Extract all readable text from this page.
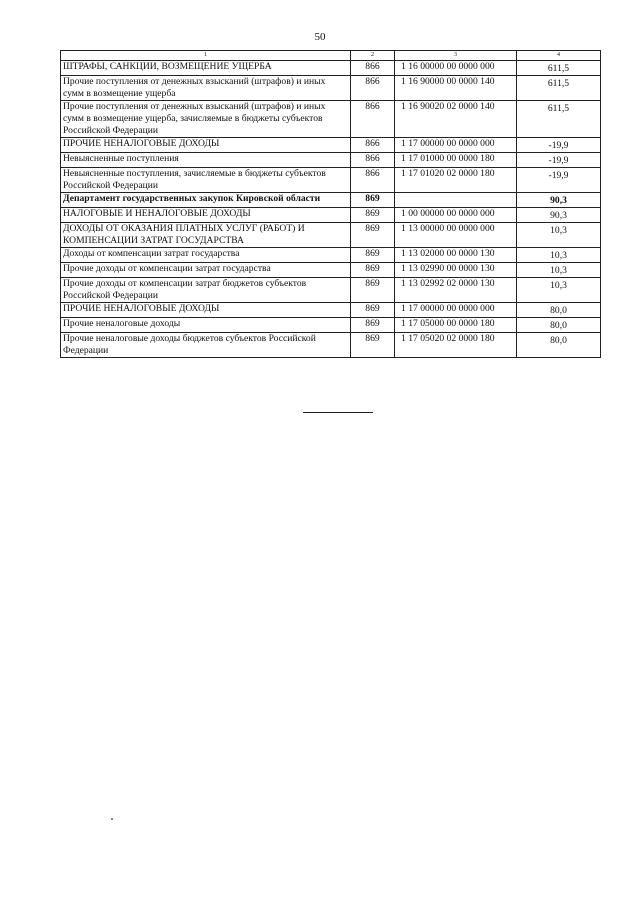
50
1	2	3	4
ШТРАФЫ, САНКЦИИ, ВОЗМЕЩЕНИЕ УЩЕРБА	866	1 16 00000 00 0000 000	611,5
Прочие поступления от денежных взысканий (штрафов) и иных сумм в возмещение ущерба	866	1 16 90000 00 0000 140	611,5
Прочие поступления от денежных взысканий (штрафов) и иных сумм в возмещение ущерба, зачисляемые в бюджеты субъектов Российской Федерации	866	1 16 90020 02 0000 140	611,5
ПРОЧИЕ НЕНАЛОГОВЫЕ ДОХОДЫ	866	1 17 00000 00 0000 000	-19,9
Невыясненные поступления	866	1 17 01000 00 0000 180	-19,9
Невыясненные поступления, зачисляемые в бюджеты субъектов Российской Федерации	866	1 17 01020 02 0000 180	-19,9
Департамент государственных закупок Кировской области	869		90,3
НАЛОГОВЫЕ И НЕНАЛОГОВЫЕ ДОХОДЫ	869	1 00 00000 00 0000 000	90,3
ДОХОДЫ ОТ ОКАЗАНИЯ ПЛАТНЫХ УСЛУГ (РАБОТ) И КОМПЕНСАЦИИ ЗАТРАТ ГОСУДАРСТВА	869	1 13 00000 00 0000 000	10,3
Доходы от компенсации затрат государства	869	1 13 02000 00 0000 130	10,3
Прочие доходы от компенсации затрат государства	869	1 13 02990 00 0000 130	10,3
Прочие доходы от компенсации затрат бюджетов субъектов Российской Федерации	869	1 13 02992 02 0000 130	10,3
ПРОЧИЕ НЕНАЛОГОВЫЕ ДОХОДЫ	869	1 17 00000 00 0000 000	80,0
Прочие неналоговые доходы	869	1 17 05000 00 0000 180	80,0
Прочие неналоговые доходы бюджетов субъектов Российской Федерации	869	1 17 05020 02 0000 180	80,0
